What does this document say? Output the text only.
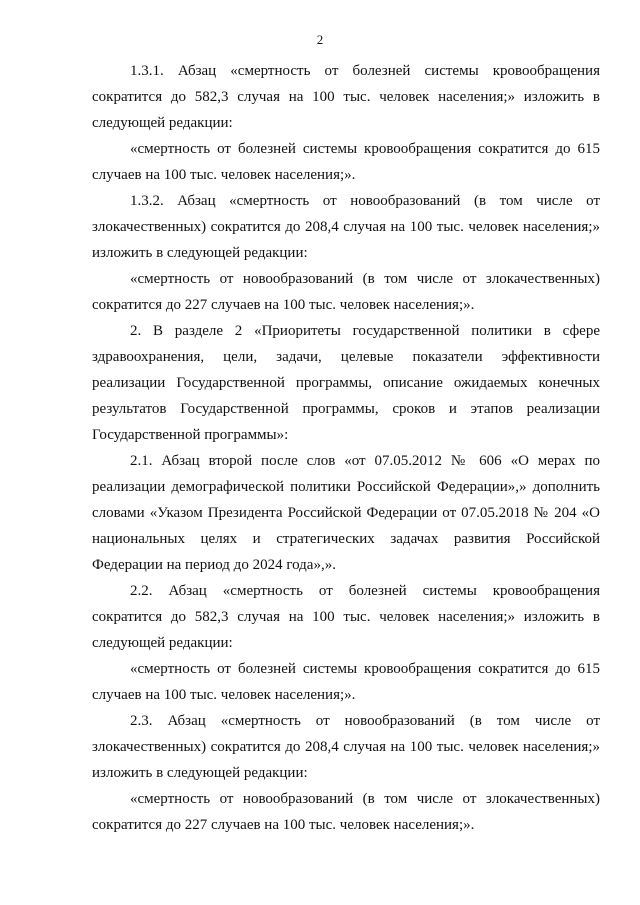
2

1.3.1. Абзац «смертность от болезней системы кровообращения сократится до 582,3 случая на 100 тыс. человек населения;» изложить в следующей редакции:

«смертность от болезней системы кровообращения сократится до 615 случаев на 100 тыс. человек населения;».

1.3.2. Абзац «смертность от новообразований (в том числе от злокачественных) сократится до 208,4 случая на 100 тыс. человек населения;» изложить в следующей редакции:

«смертность от новообразований (в том числе от злокачественных) сократится до 227 случаев на 100 тыс. человек населения;».

2. В разделе 2 «Приоритеты государственной политики в сфере здравоохранения, цели, задачи, целевые показатели эффективности реализации Государственной программы, описание ожидаемых конечных результатов Государственной программы, сроков и этапов реализации Государственной программы»:

2.1. Абзац второй после слов «от 07.05.2012 № 606 «О мерах по реализации демографической политики Российской Федерации»,» дополнить словами «Указом Президента Российской Федерации от 07.05.2018 № 204 «О национальных целях и стратегических задачах развития Российской Федерации на период до 2024 года»,».

2.2. Абзац «смертность от болезней системы кровообращения сократится до 582,3 случая на 100 тыс. человек населения;» изложить в следующей редакции:

«смертность от болезней системы кровообращения сократится до 615 случаев на 100 тыс. человек населения;».

2.3. Абзац «смертность от новообразований (в том числе от злокачественных) сократится до 208,4 случая на 100 тыс. человек населения;» изложить в следующей редакции:

«смертность от новообразований (в том числе от злокачественных) сократится до 227 случаев на 100 тыс. человек населения;».
